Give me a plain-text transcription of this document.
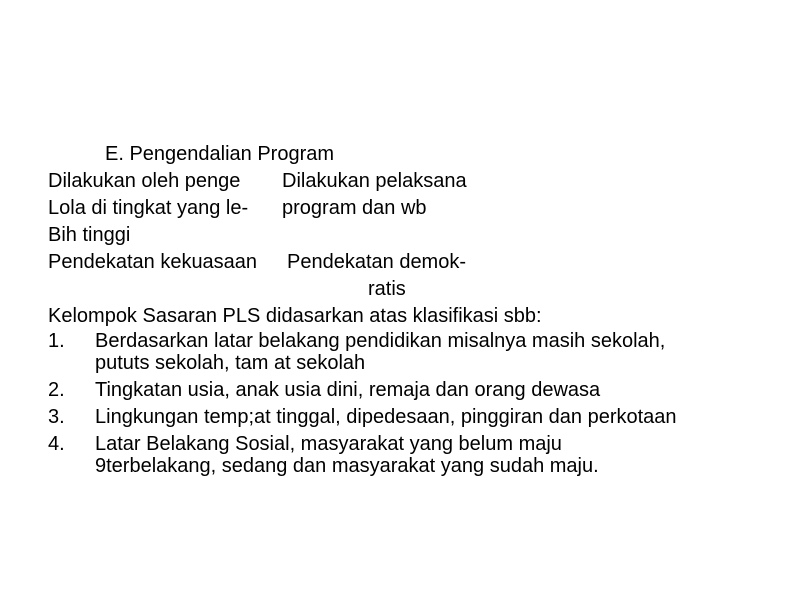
E. Pengendalian Program

Dilakukan oleh penge Dilakukan pelaksana

Lola di tingkat yang le- program dan wb

Bih tinggi

Pendekatan kekuasaan Pendekatan demok-

ratis

Kelompok Sasaran PLS didasarkan atas klasifikasi sbb:

1. Berdasarkan latar belakang pendidikan misalnya masih sekolah,
pututs sekolah, tam at sekolah
2. Tingkatan usia, anak usia dini, remaja dan orang dewasa
3. Lingkungan temp;at tinggal, dipedesaan, pinggiran dan perkotaan
4. Latar Belakang Sosial, masyarakat yang belum maju
9terbelakang, sedang dan masyarakat yang sudah maju.
